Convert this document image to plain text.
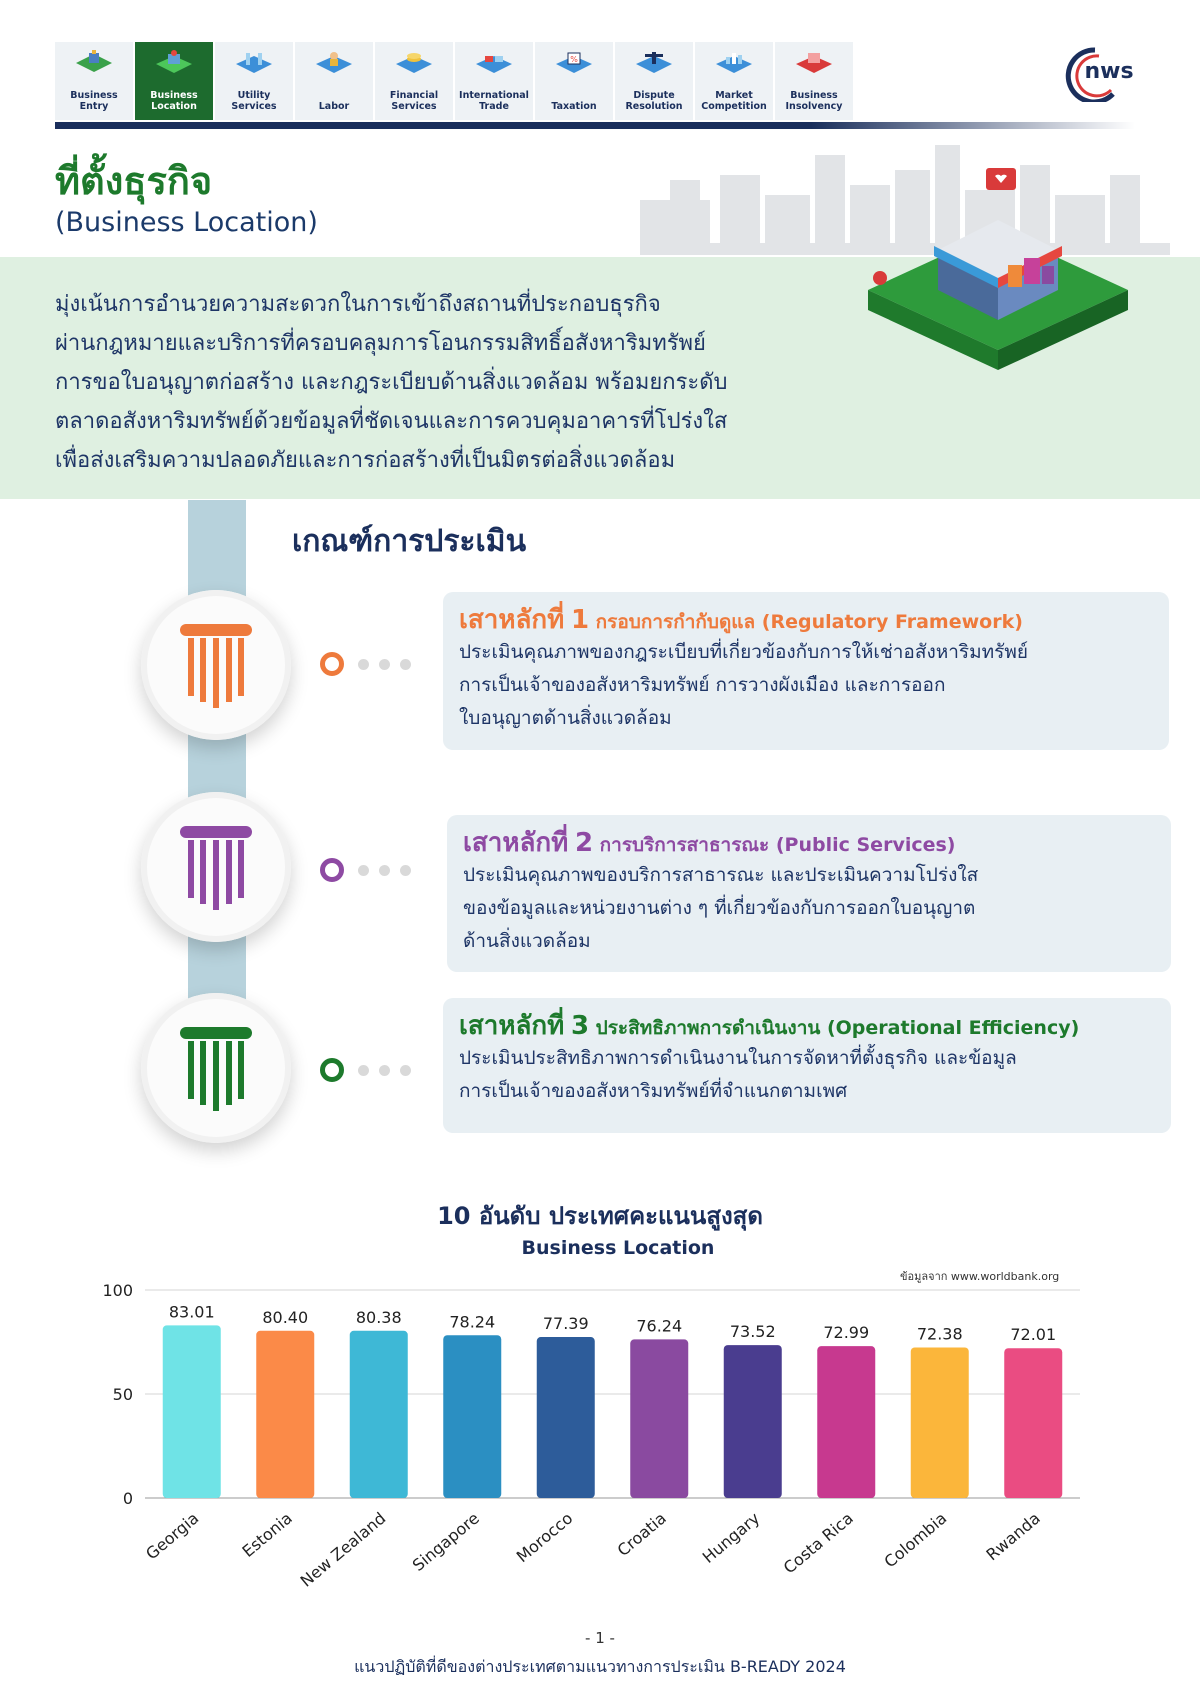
Business
Entry
Business
Location
Utility
Services	Labor

Financial
Services
International
Trade
%
Taxation

Dispute
Resolution
Market
Competition
Business
Insolvency
nws
ที่ตั้งธุรกิจ
(Business Location)
มุ่งเน้นการอำนวยความสะดวกในการเข้าถึงสถานที่ประกอบธุรกิจ
ผ่านกฎหมายและบริการที่ครอบคลุมการโอนกรรมสิทธิ์อสังหาริมทรัพย์
การขอใบอนุญาตก่อสร้าง และกฎระเบียบด้านสิ่งแวดล้อม พร้อมยกระดับ
ตลาดอสังหาริมทรัพย์ด้วยข้อมูลที่ชัดเจนและการควบคุมอาคารที่โปร่งใส
เพื่อส่งเสริมความปลอดภัยและการก่อสร้างที่เป็นมิตรต่อสิ่งแวดล้อม
เกณฑ์การประเมิน
เสาหลักที่ 1 กรอบการกำกับดูแล (Regulatory Framework)
ประเมินคุณภาพของกฎระเบียบที่เกี่ยวข้องกับการให้เช่าอสังหาริมทรัพย์
การเป็นเจ้าของอสังหาริมทรัพย์ การวางผังเมือง และการออก
ใบอนุญาตด้านสิ่งแวดล้อม
เสาหลักที่ 2 การบริการสาธารณะ (Public Services)
ประเมินคุณภาพของบริการสาธารณะ และประเมินความโปร่งใส
ของข้อมูลและหน่วยงานต่าง ๆ ที่เกี่ยวข้องกับการออกใบอนุญาต
ด้านสิ่งแวดล้อม
เสาหลักที่ 3 ประสิทธิภาพการดำเนินงาน (Operational Efficiency)
ประเมินประสิทธิภาพการดำเนินงานในการจัดหาที่ตั้งธุรกิจ และข้อมูล
การเป็นเจ้าของอสังหาริมทรัพย์ที่จำแนกตามเพศ
10 อันดับ ประเทศคะแนนสูงสุด
Business Location
ข้อมูลจาก www.worldbank.org
0
50
100
83.01
Georgia
80.40
Estonia
80.38
New Zealand
78.24
Singapore
77.39
Morocco
76.24
Croatia
73.52
Hungary
72.99
Costa Rica
72.38
Colombia
72.01
Rwanda
- 1 -
แนวปฏิบัติที่ดีของต่างประเทศตามแนวทางการประเมิน B-READY 2024
